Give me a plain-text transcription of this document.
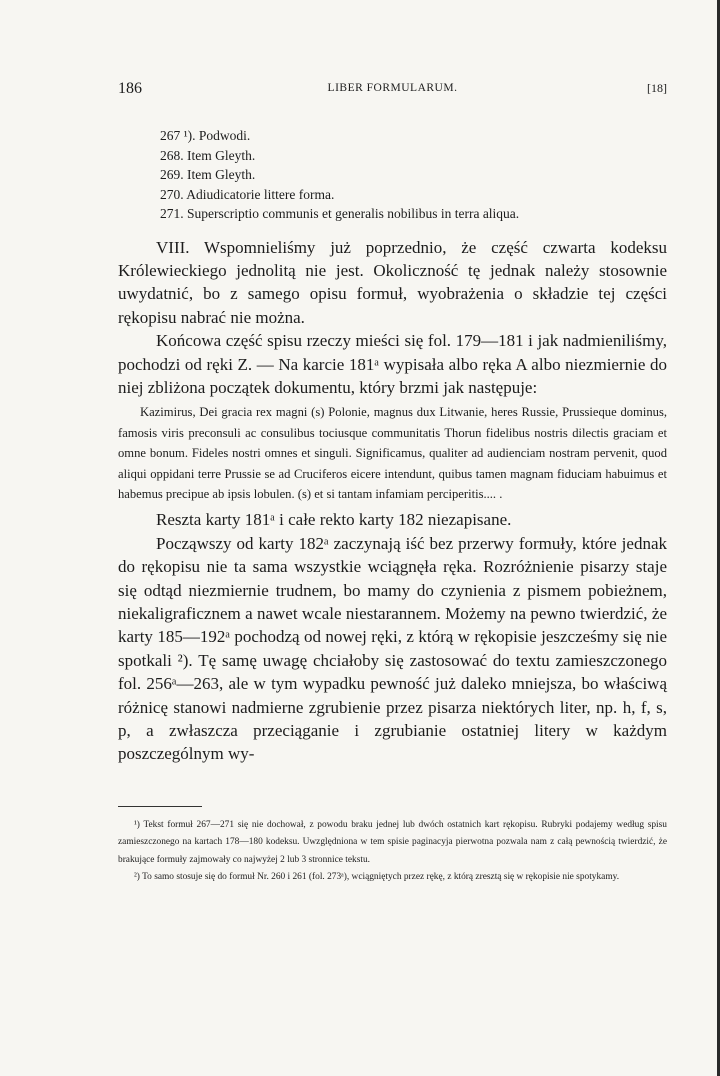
186	LIBER FORMULARUM.	[18]
267 ¹). Podwodi.
268. Item Gleyth.
269. Item Gleyth.
270. Adiudicatorie littere forma.
271. Superscriptio communis et generalis nobilibus in terra aliqua.

VIII. Wspomnieliśmy już poprzednio, że część czwarta kodeksu Królewieckiego jednolitą nie jest. Okoliczność tę jednak należy stosownie uwydatnić, bo z samego opisu formuł, wyobrażenia o składzie tej części rękopisu nabrać nie można.

Końcowa część spisu rzeczy mieści się fol. 179—181 i jak nadmieniliśmy, pochodzi od ręki Z. — Na karcie 181ᵃ wypisała albo ręka A albo niezmiernie do niej zbliżona początek dokumentu, który brzmi jak następuje:

Kazimirus, Dei gracia rex magni (s) Polonie, magnus dux Litwanie, heres Russie, Prussieque dominus, famosis viris preconsuli ac consulibus tociusque communitatis Thorun fidelibus nostris dilectis graciam et omne bonum. Fideles nostri omnes et singuli. Significamus, qualiter ad audienciam nostram pervenit, quod aliqui oppidani terre Prussie se ad Cruciferos eicere intendunt, quibus tamen magnam fiduciam habuimus et habemus precipue ab ipsis lobulen. (s) et si tantam infamiam perciperitis.... .

Reszta karty 181ᵃ i całe rekto karty 182 niezapisane.

Począwszy od karty 182ᵃ zaczynają iść bez przerwy formuły, które jednak do rękopisu nie ta sama wszystkie wciągnęła ręka. Rozróżnienie pisarzy staje się odtąd niezmiernie trudnem, bo mamy do czynienia z pismem pobieżnem, niekaligraficznem a nawet wcale niestarannem. Możemy na pewno twierdzić, że karty 185—192ᵃ pochodzą od nowej ręki, z którą w rękopisie jeszcześmy się nie spotkali ²). Tę samę uwagę chciałoby się zastosować do textu zamieszczonego fol. 256ᵃ—263, ale w tym wypadku pewność już daleko mniejsza, bo właściwą różnicę stanowi nadmierne zgrubienie przez pisarza niektórych liter, np. h, f, s, p, a zwłaszcza przeciąganie i zgrubianie ostatniej litery w każdym poszczególnym wy-

¹) Tekst formuł 267—271 się nie dochował, z powodu braku jednej lub dwóch ostatnich kart rękopisu. Rubryki podajemy według spisu zamieszczonego na kartach 178—180 kodeksu. Uwzględniona w tem spisie paginacyja pierwotna pozwala nam z całą pewnością twierdzić, że brakujące formuły zajmowały co najwyżej 2 lub 3 stronnice tekstu.

²) To samo stosuje się do formuł Nr. 260 i 261 (fol. 273ᵃ), wciągniętych przez rękę, z którą zresztą się w rękopisie nie spotykamy.
